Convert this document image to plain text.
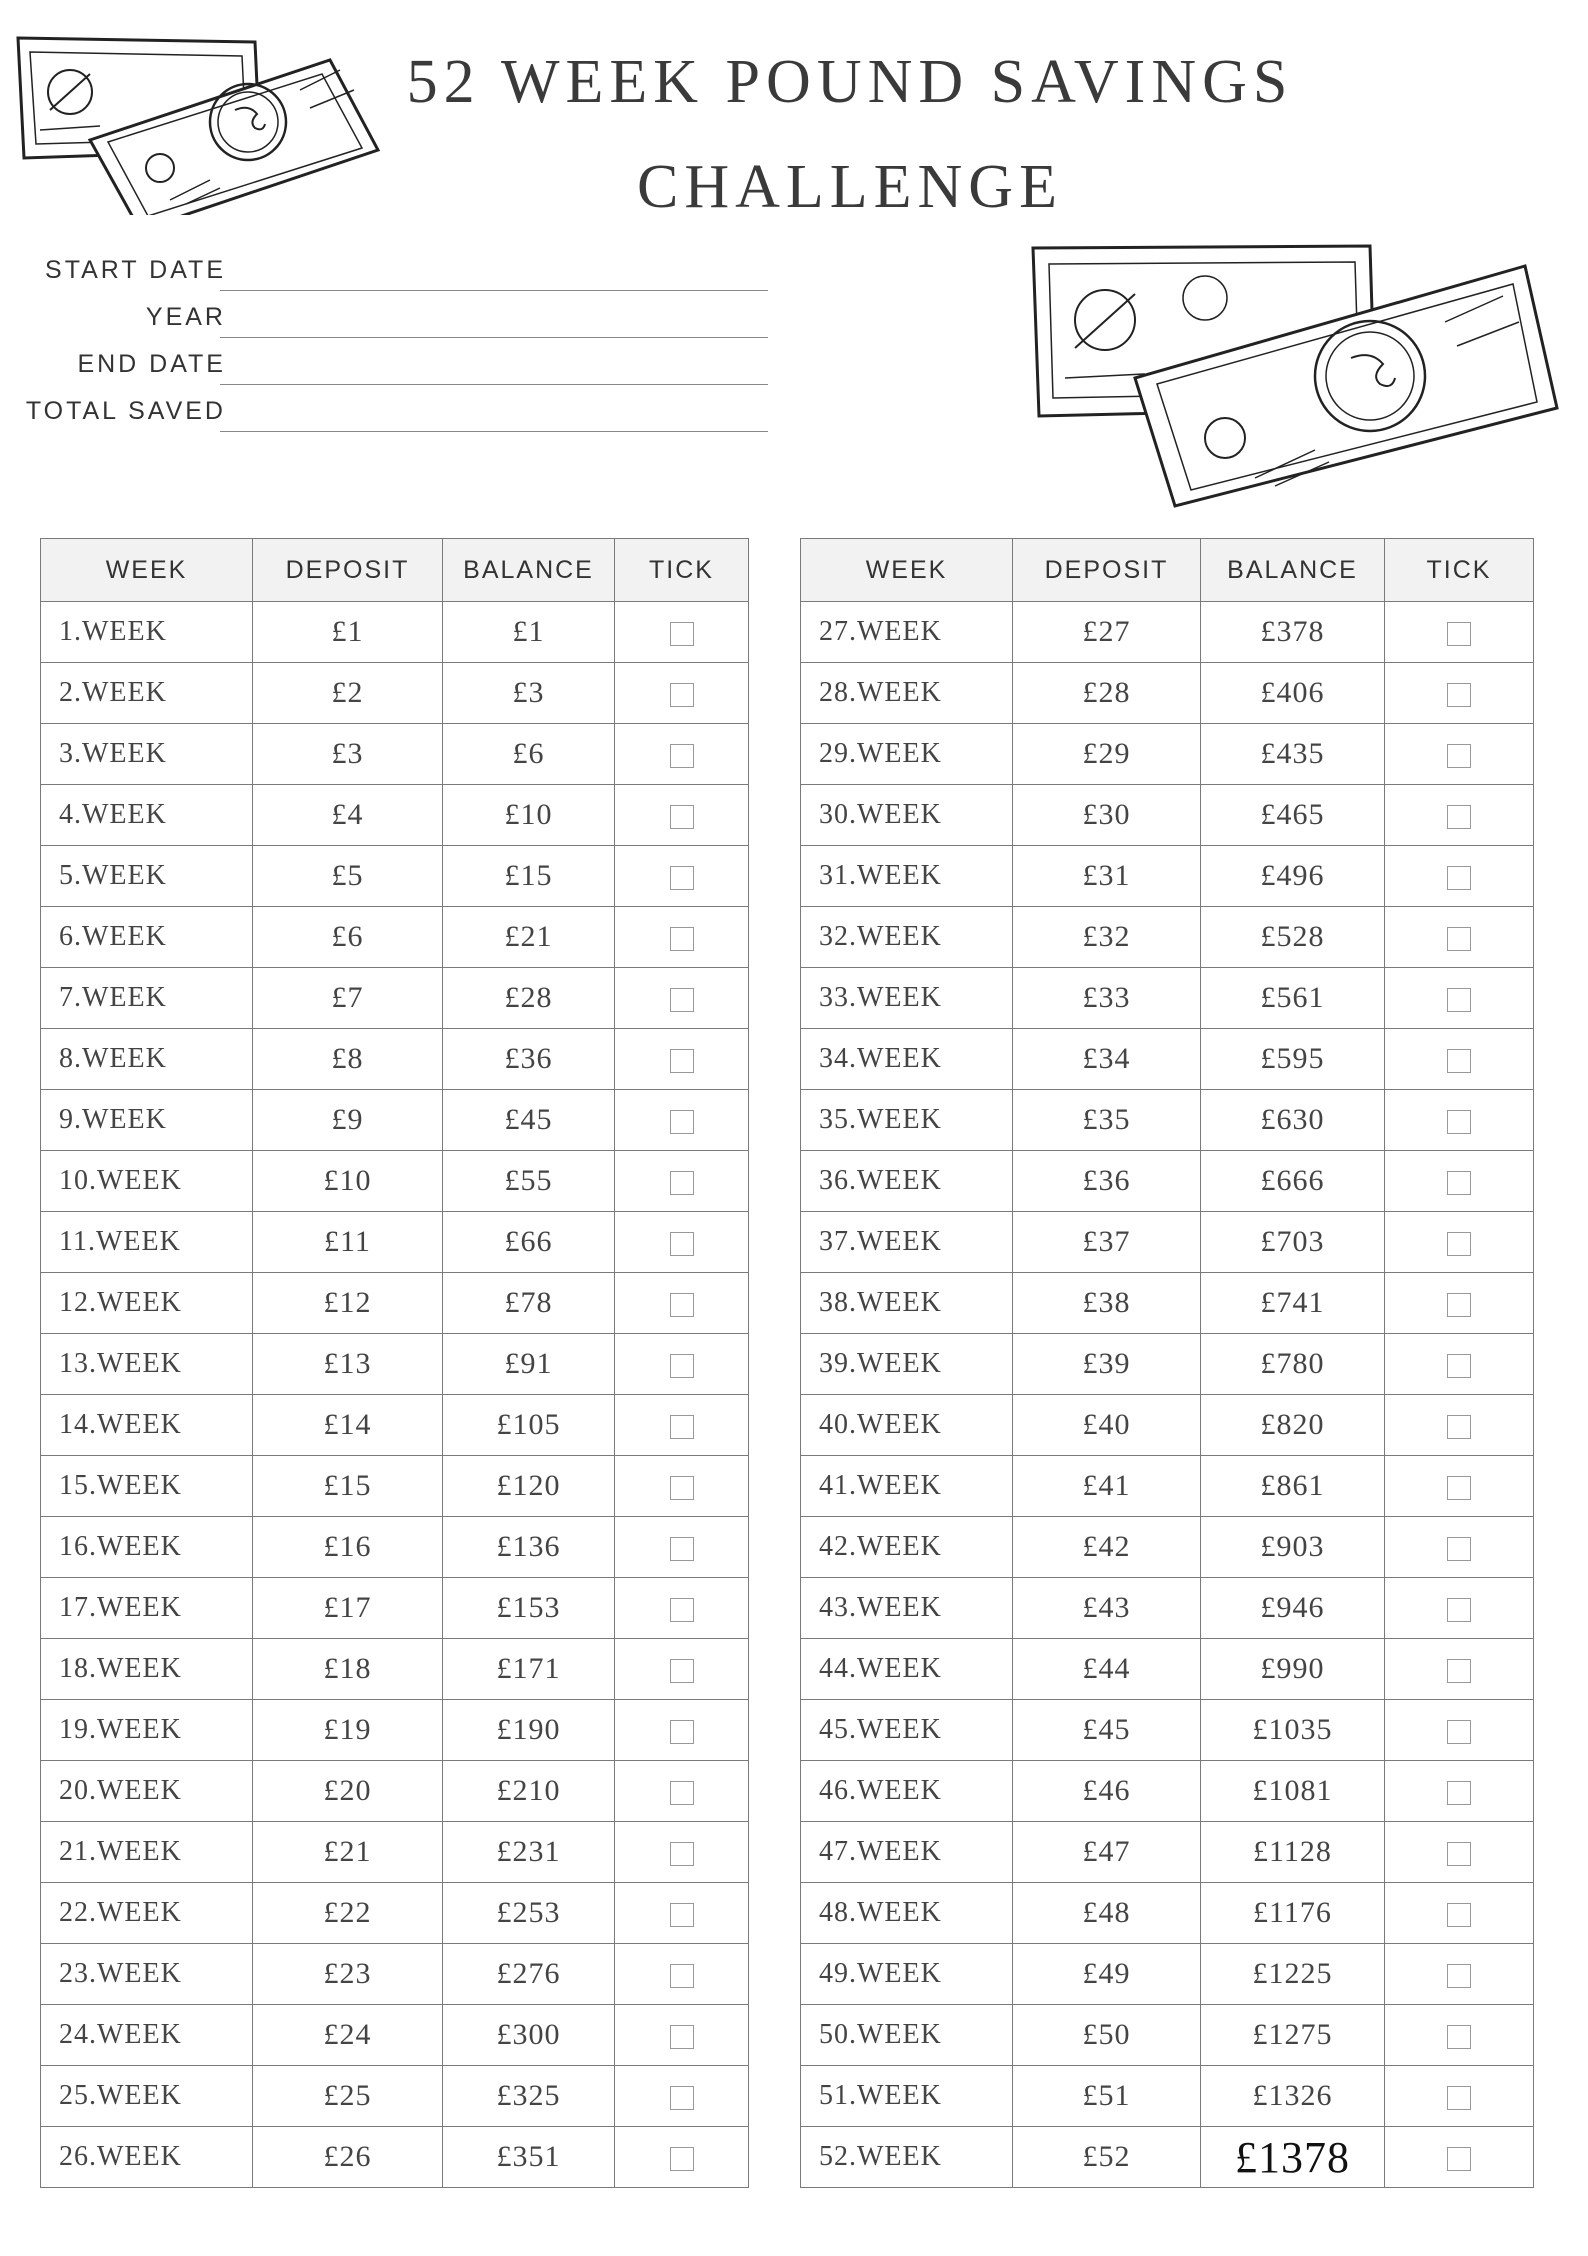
52 WEEK POUND SAVINGS
CHALLENGE
START DATE
YEAR
END DATE
TOTAL SAVED
WEEK	DEPOSIT	BALANCE	TICK
1.WEEK	£1	£1	
2.WEEK	£2	£3	
3.WEEK	£3	£6	
4.WEEK	£4	£10	
5.WEEK	£5	£15	
6.WEEK	£6	£21	
7.WEEK	£7	£28	
8.WEEK	£8	£36	
9.WEEK	£9	£45	
10.WEEK	£10	£55	
11.WEEK	£11	£66	
12.WEEK	£12	£78	
13.WEEK	£13	£91	
14.WEEK	£14	£105	
15.WEEK	£15	£120	
16.WEEK	£16	£136	
17.WEEK	£17	£153	
18.WEEK	£18	£171	
19.WEEK	£19	£190	
20.WEEK	£20	£210	
21.WEEK	£21	£231	
22.WEEK	£22	£253	
23.WEEK	£23	£276	
24.WEEK	£24	£300	
25.WEEK	£25	£325	
26.WEEK	£26	£351	
WEEK	DEPOSIT	BALANCE	TICK
27.WEEK	£27	£378	
28.WEEK	£28	£406	
29.WEEK	£29	£435	
30.WEEK	£30	£465	
31.WEEK	£31	£496	
32.WEEK	£32	£528	
33.WEEK	£33	£561	
34.WEEK	£34	£595	
35.WEEK	£35	£630	
36.WEEK	£36	£666	
37.WEEK	£37	£703	
38.WEEK	£38	£741	
39.WEEK	£39	£780	
40.WEEK	£40	£820	
41.WEEK	£41	£861	
42.WEEK	£42	£903	
43.WEEK	£43	£946	
44.WEEK	£44	£990	
45.WEEK	£45	£1035	
46.WEEK	£46	£1081	
47.WEEK	£47	£1128	
48.WEEK	£48	£1176	
49.WEEK	£49	£1225	
50.WEEK	£50	£1275	
51.WEEK	£51	£1326	
52.WEEK	£52	£1378	
